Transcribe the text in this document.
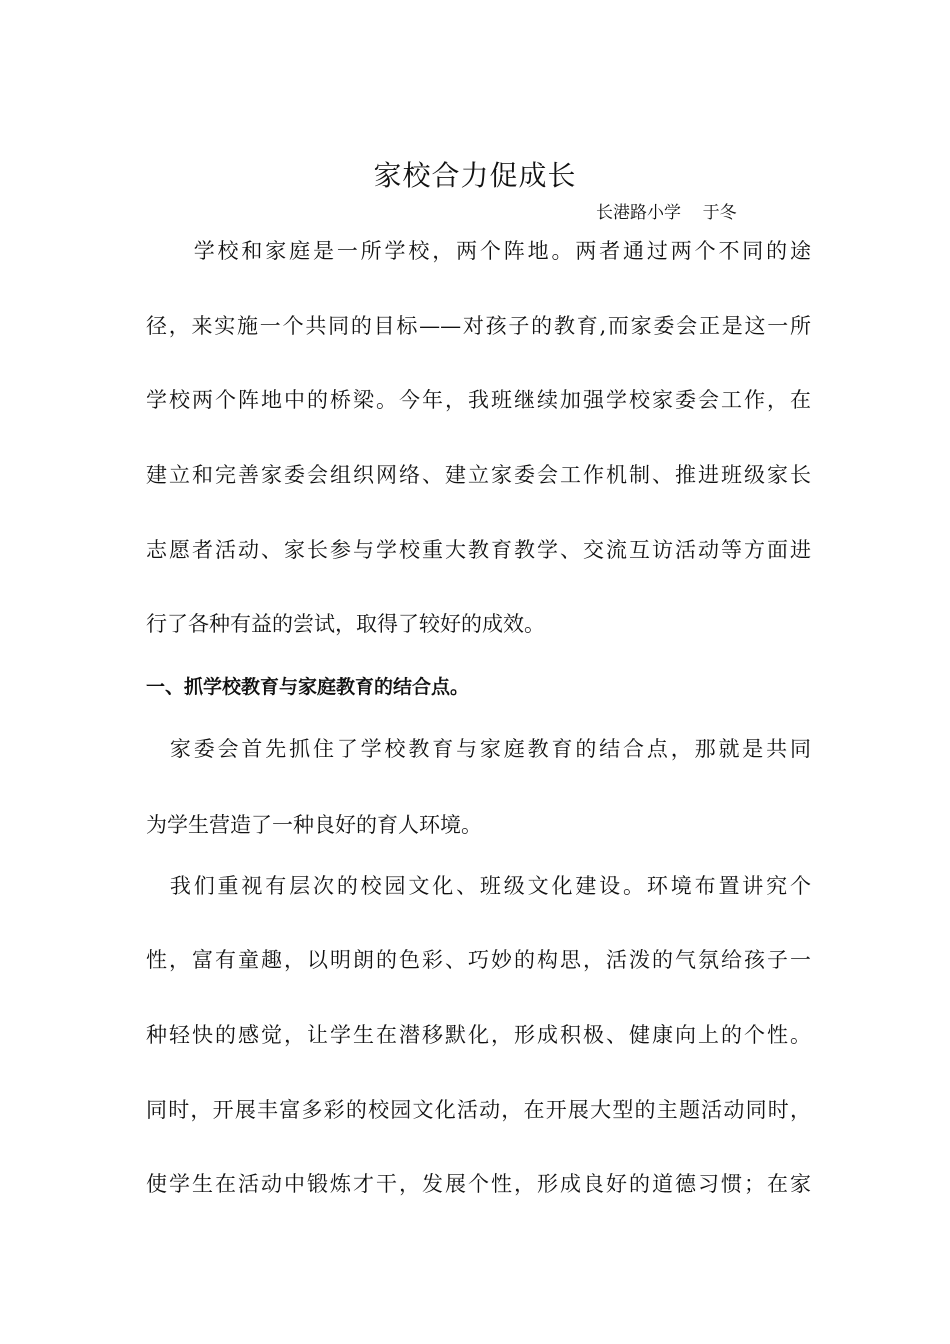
家校合力促成长
长港路小学    于冬
　　学校和家庭是一所学校，两个阵地。两者通过两个不同的途
径，来实施一个共同的目标——对孩子的教育,而家委会正是这一所
学校两个阵地中的桥梁。今年，我班继续加强学校家委会工作，在
建立和完善家委会组织网络、建立家委会工作机制、推进班级家长
志愿者活动、家长参与学校重大教育教学、交流互访活动等方面进
行了各种有益的尝试，取得了较好的成效。
一、抓学校教育与家庭教育的结合点。
　家委会首先抓住了学校教育与家庭教育的结合点，那就是共同
为学生营造了一种良好的育人环境。
　我们重视有层次的校园文化、班级文化建设。环境布置讲究个
性，富有童趣，以明朗的色彩、巧妙的构思，活泼的气氛给孩子一
种轻快的感觉，让学生在潜移默化，形成积极、健康向上的个性。
同时，开展丰富多彩的校园文化活动，在开展大型的主题活动同时，
使学生在活动中锻炼才干，发展个性，形成良好的道德习惯；在家
